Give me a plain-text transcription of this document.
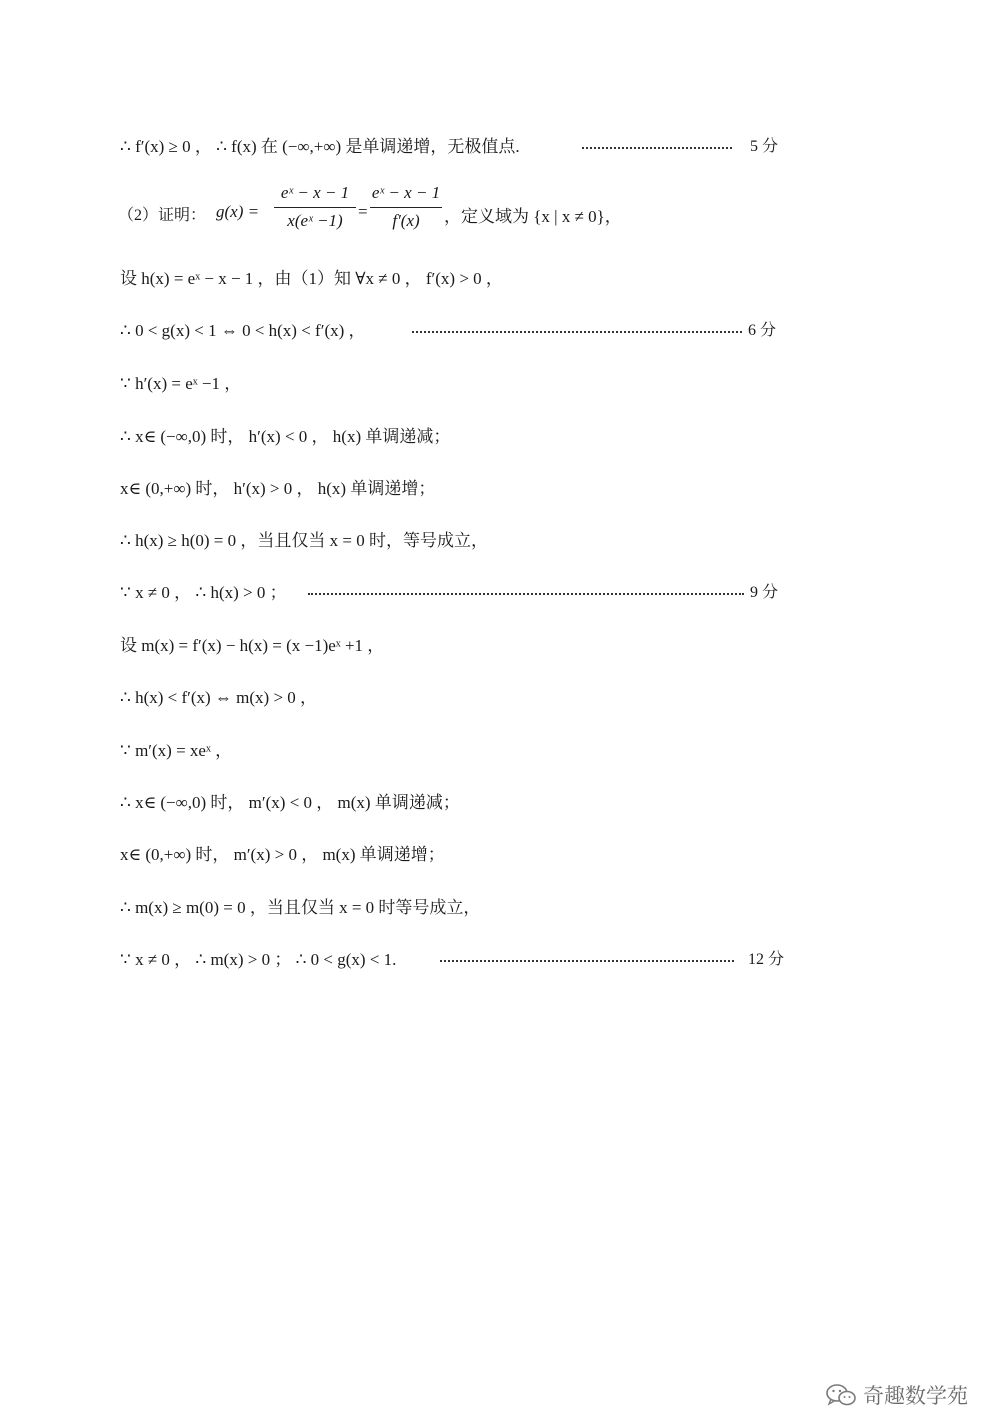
∴ f′(x) ≥ 0 ， ∴ f(x) 在 (−∞,+∞) 是单调递增，无极值点.	5 分
（2）证明： g(x) =
eˣ − x − 1
x(eˣ −1) =
eˣ − x − 1
f′(x)	，定义域为 {x | x ≠ 0}，
设 h(x) = eˣ − x − 1 ，由（1）知 ∀x ≠ 0 ， f′(x) > 0 ，
∴ 0 < g(x) < 1 ⇔ 0 < h(x) < f′(x) ，	6 分
∵ h′(x) = eˣ −1 ，
∴ x∈ (−∞,0) 时， h′(x) < 0 ， h(x) 单调递减；
x∈ (0,+∞) 时， h′(x) > 0 ， h(x) 单调递增；
∴ h(x) ≥ h(0) = 0 ，当且仅当 x = 0 时，等号成立，
∵ x ≠ 0 ， ∴ h(x) > 0 ；	9 分
设 m(x) = f′(x) − h(x) = (x −1)eˣ +1 ，
∴ h(x) < f′(x) ⇔ m(x) > 0 ，
∵ m′(x) = xeˣ ，
∴ x∈ (−∞,0) 时， m′(x) < 0 ， m(x) 单调递减；
x∈ (0,+∞) 时， m′(x) > 0 ， m(x) 单调递增；
∴ m(x) ≥ m(0) = 0 ，当且仅当 x = 0 时等号成立，
∵ x ≠ 0 ， ∴ m(x) > 0 ； ∴ 0 < g(x) < 1.	12 分
奇趣数学苑
